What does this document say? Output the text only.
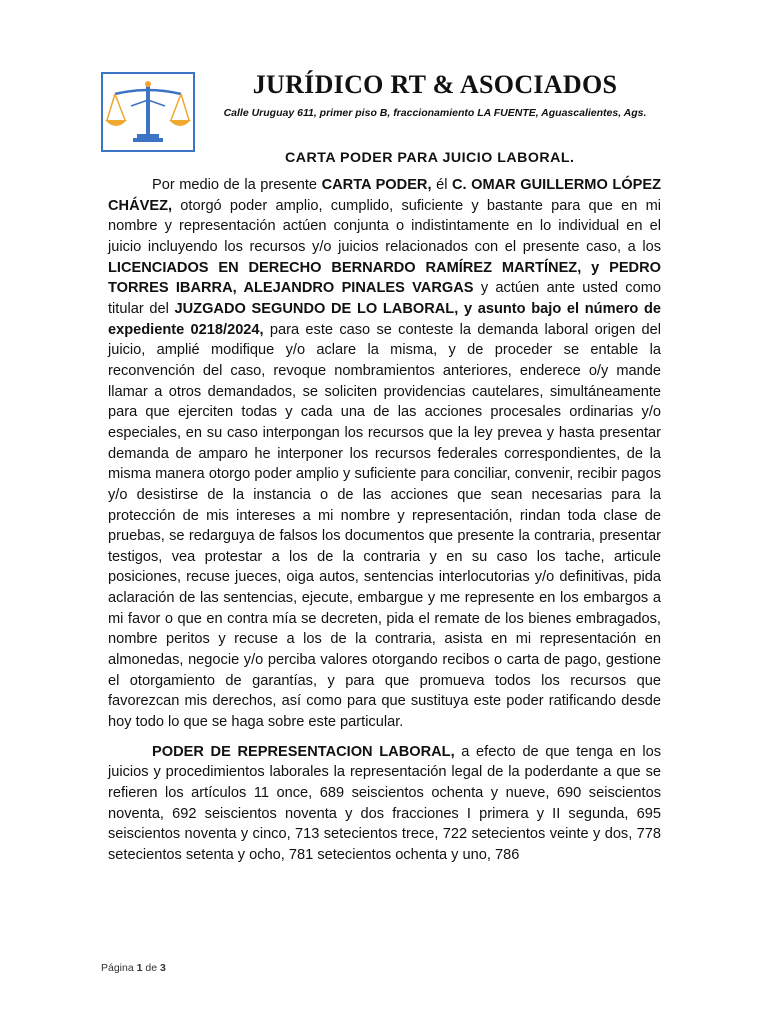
JURÍDICO RT & ASOCIADOS
Calle Uruguay 611, primer piso B, fraccionamiento LA FUENTE, Aguascalientes, Ags.
CARTA PODER PARA JUICIO LABORAL.

Por medio de la presente CARTA PODER, él C. OMAR GUILLERMO LÓPEZ CHÁVEZ, otorgó poder amplio, cumplido, suficiente y bastante para que en mi nombre y representación actúen conjunta o indistintamente en lo individual en el juicio incluyendo los recursos y/o juicios relacionados con el presente caso, a los LICENCIADOS EN DERECHO BERNARDO RAMÍREZ MARTÍNEZ, y PEDRO TORRES IBARRA, ALEJANDRO PINALES VARGAS y actúen ante usted como titular del JUZGADO SEGUNDO DE LO LABORAL, y asunto bajo el número de expediente 0218/2024, para este caso se conteste la demanda laboral origen del juicio, amplié modifique y/o aclare la misma, y de proceder se entable la reconvención del caso, revoque nombramientos anteriores, enderece o/y mande llamar a otros demandados, se soliciten providencias cautelares, simultáneamente para que ejerciten todas y cada una de las acciones procesales ordinarias y/o especiales, en su caso interpongan los recursos que la ley prevea y hasta presentar demanda de amparo he interponer los recursos federales correspondientes, de la misma manera otorgo poder amplio y suficiente para conciliar, convenir, recibir pagos y/o desistirse de la instancia o de las acciones que sean necesarias para la protección de mis intereses a mi nombre y representación, rindan toda clase de pruebas, se redarguya de falsos los documentos que presente la contraria, presentar testigos, vea protestar a los de la contraria y en su caso los tache, articule posiciones, recuse jueces, oiga autos, sentencias interlocutorias y/o definitivas, pida aclaración de las sentencias, ejecute, embargue y me represente en los embargos a mi favor o que en contra mía se decreten, pida el remate de los bienes embragados, nombre peritos y recuse a los de la contraria, asista en mi representación en almonedas, negocie y/o perciba valores otorgando recibos o carta de pago, gestione el otorgamiento de garantías, y para que promueva todos los recursos que favorezcan mis derechos, así como para que sustituya este poder ratificando desde hoy todo lo que se haga sobre este particular.

PODER DE REPRESENTACION LABORAL, a efecto de que tenga en los juicios y procedimientos laborales la representación legal de la poderdante a que se refieren los artículos 11 once, 689 seiscientos ochenta y nueve, 690 seiscientos noventa, 692 seiscientos noventa y dos fracciones I primera y II segunda, 695 seiscientos noventa y cinco, 713 setecientos trece, 722 setecientos veinte y dos, 778 setecientos setenta y ocho, 781 setecientos ochenta y uno, 786

Página 1 de 3
